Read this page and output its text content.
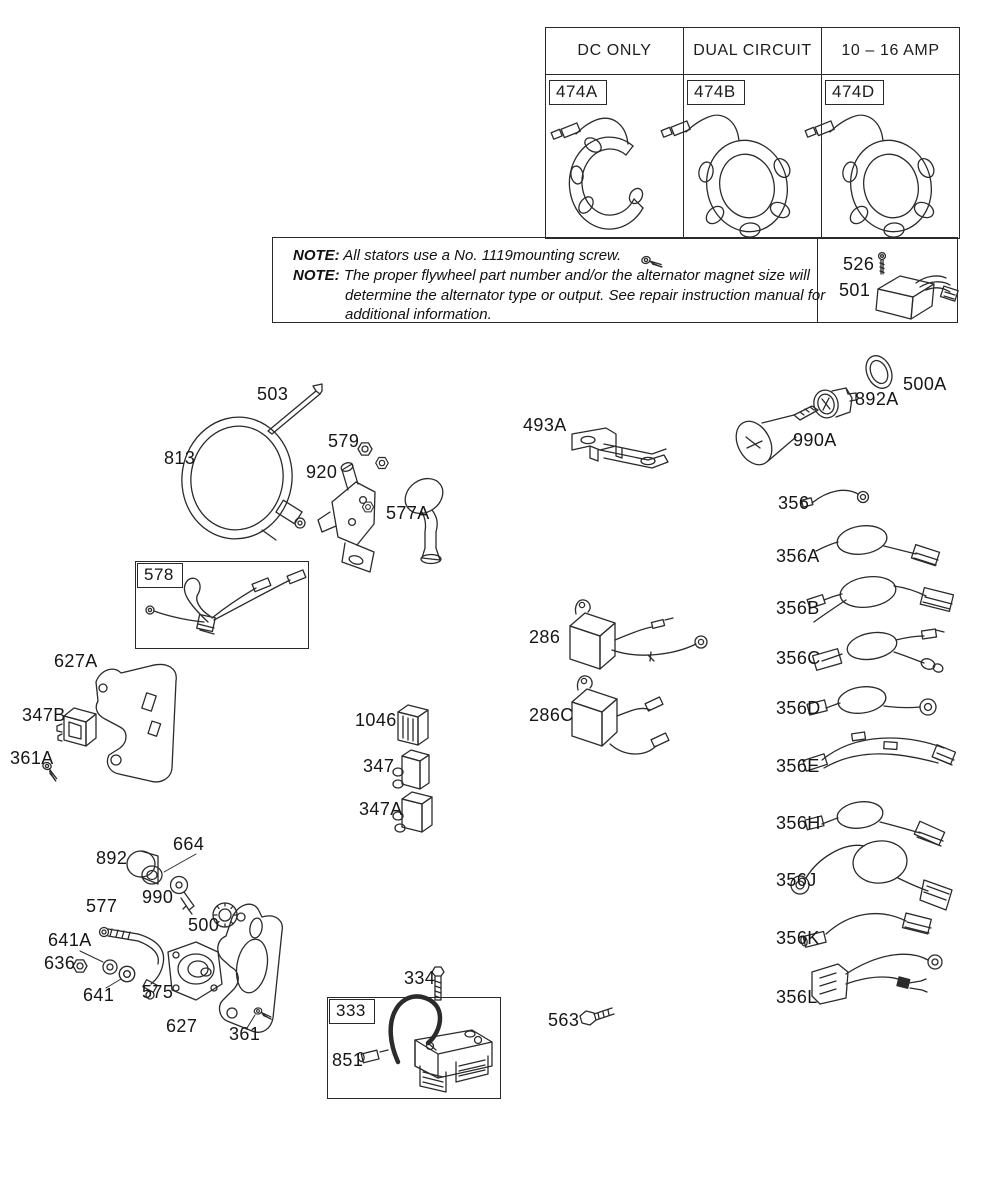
DC ONLY
474A
DUAL CIRCUIT
474B
10 – 16 AMP
474D
NOTE: All stators use a No. 1119mounting screw.
NOTE: The proper flywheel part number and/or the alternator magnet size will determine the alternator type or output. See repair instruction manual for additional information.
526
501
578
333
503
813
579
920
577A
493A
500A
892A
990A
356
356A
356B
356C
356D
356E
356H
356J
356K
356L
286
286C
627A
347B
361A
1046
347
347A
892
664
990
577
500
641A
636
641 575
627 361
851
334
563
